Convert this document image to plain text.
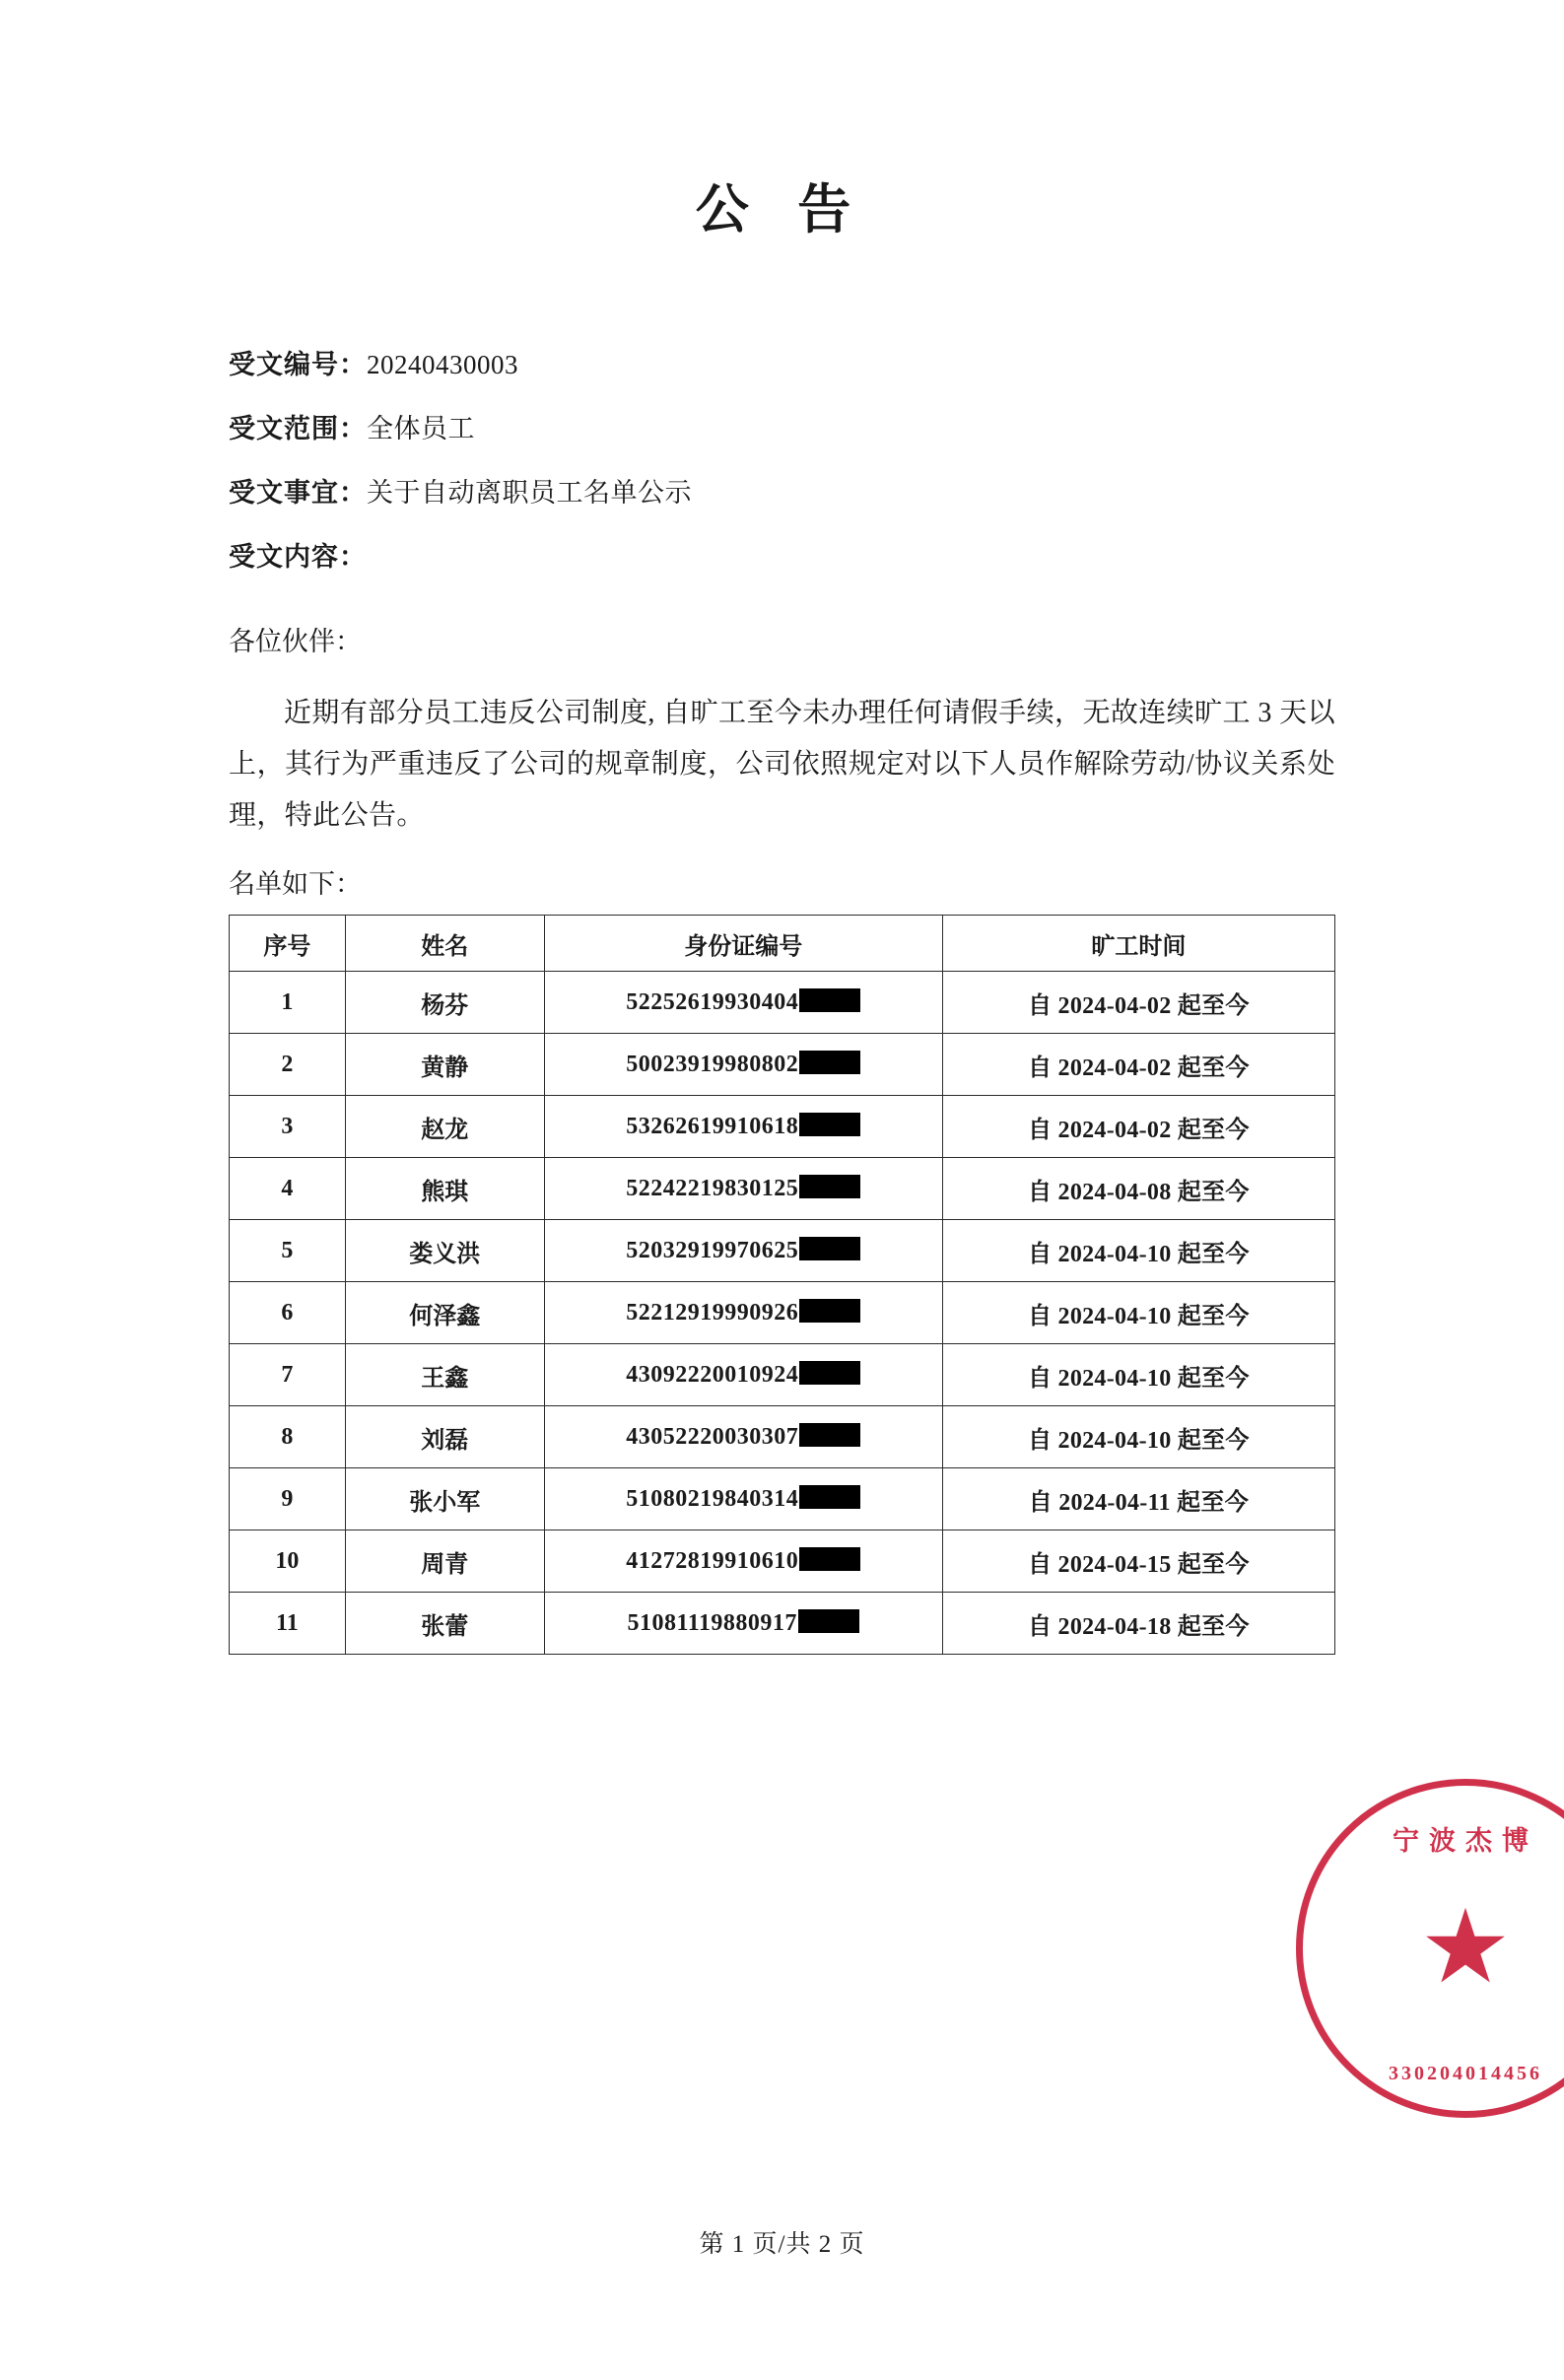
公 告
受文编号：20240430003
受文范围：全体员工
受文事宜：关于自动离职员工名单公示
受文内容：
各位伙伴：

近期有部分员工违反公司制度, 自旷工至今未办理任何请假手续，无故连续旷工 3 天以上，其行为严重违反了公司的规章制度，公司依照规定对以下人员作解除劳动/协议关系处理，特此公告。

名单如下：
序号	姓名	身份证编号	旷工时间
1	杨芬	52252619930404	自 2024-04-02 起至今
2	黄静	50023919980802	自 2024-04-02 起至今
3	赵龙	53262619910618	自 2024-04-02 起至今
4	熊琪	52242219830125	自 2024-04-08 起至今
5	娄义洪	52032919970625	自 2024-04-10 起至今
6	何泽鑫	52212919990926	自 2024-04-10 起至今
7	王鑫	43092220010924	自 2024-04-10 起至今
8	刘磊	43052220030307	自 2024-04-10 起至今
9	张小军	51080219840314	自 2024-04-11 起至今
10	周青	41272819910610	自 2024-04-15 起至今
11	张蕾	51081119880917	自 2024-04-18 起至今
宁波杰博
★
330204014456
第 1 页/共 2 页
